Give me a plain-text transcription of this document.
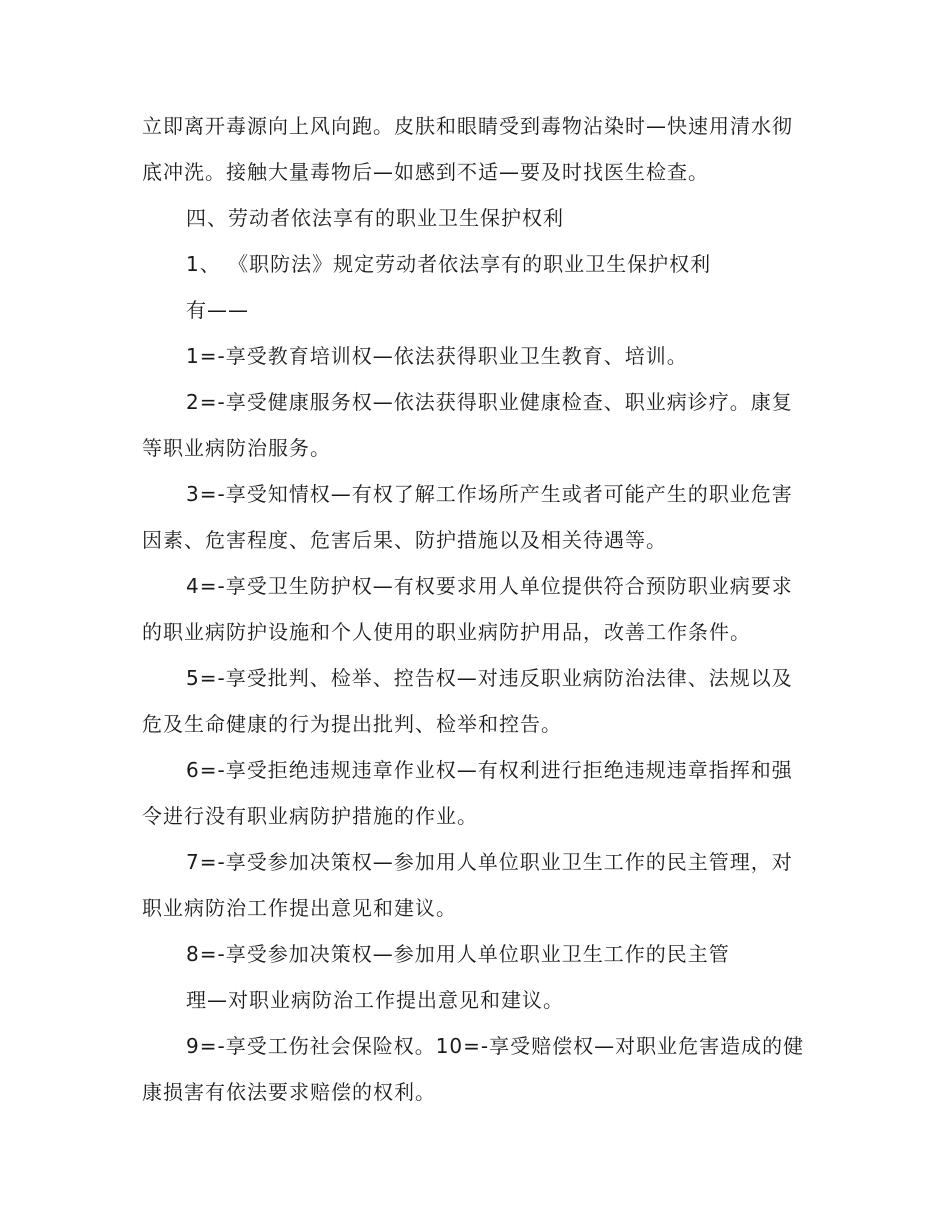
立即离开毒源向上风向跑。皮肤和眼睛受到毒物沾染时—快速用清水彻底冲洗。接触大量毒物后—如感到不适—要及时找医生检查。

四、劳动者依法享有的职业卫生保护权利

1、 《职防法》规定劳动者依法享有的职业卫生保护权利

有——

1=-享受教育培训权—依法获得职业卫生教育、培训。

2=-享受健康服务权—依法获得职业健康检查、职业病诊疗。康复等职业病防治服务。

3=-享受知情权—有权了解工作场所产生或者可能产生的职业危害因素、危害程度、危害后果、防护措施以及相关待遇等。

4=-享受卫生防护权—有权要求用人单位提供符合预防职业病要求的职业病防护设施和个人使用的职业病防护用品，改善工作条件。

5=-享受批判、检举、控告权—对违反职业病防治法律、法规以及危及生命健康的行为提出批判、检举和控告。

6=-享受拒绝违规违章作业权—有权利进行拒绝违规违章指挥和强令进行没有职业病防护措施的作业。

7=-享受参加决策权—参加用人单位职业卫生工作的民主管理，对职业病防治工作提出意见和建议。

8=-享受参加决策权—参加用人单位职业卫生工作的民主管

理—对职业病防治工作提出意见和建议。

9=-享受工伤社会保险权。10=-享受赔偿权—对职业危害造成的健康损害有依法要求赔偿的权利。
